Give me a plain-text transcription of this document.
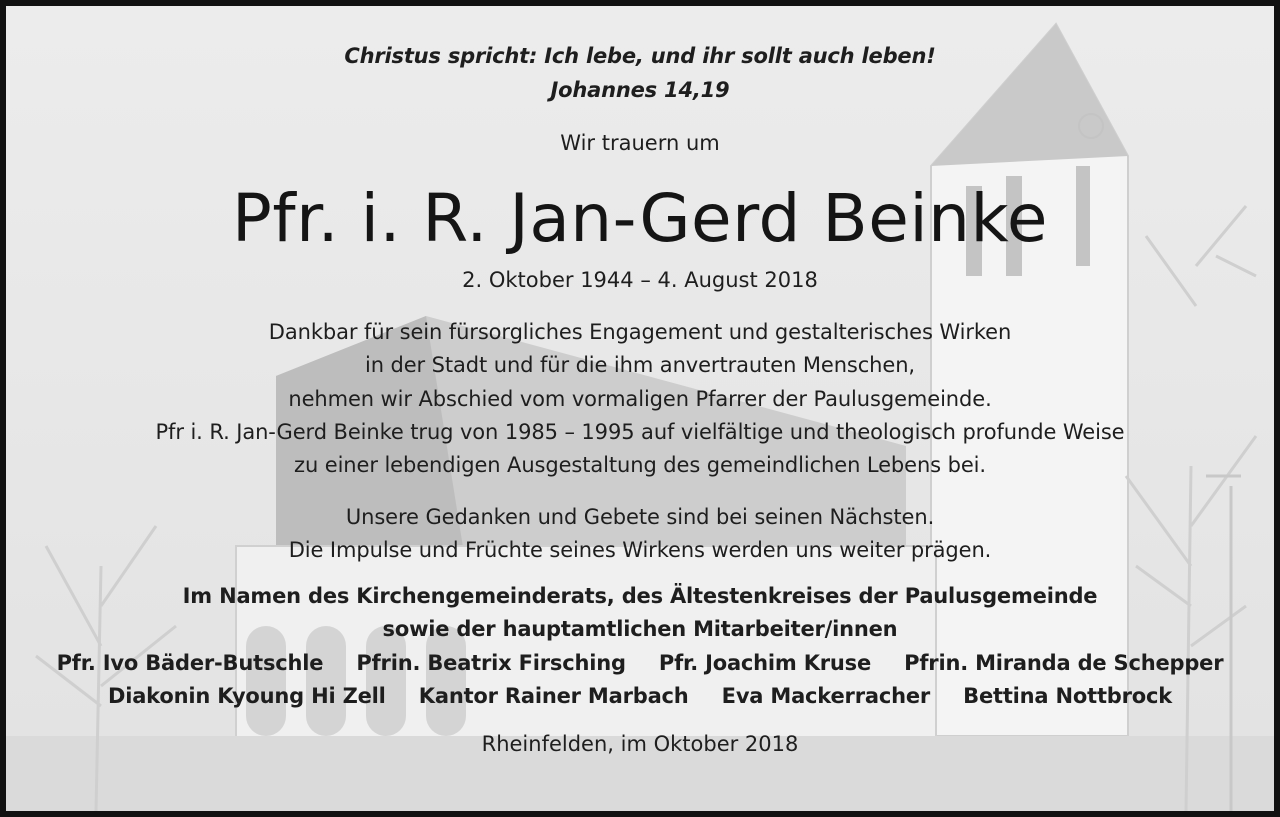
Christus spricht: Ich lebe, und ihr sollt auch leben!
Johannes 14,19
Wir trauern um
Pfr. i. R. Jan-Gerd Beinke
2. Oktober 1944 – 4. August 2018
Dankbar für sein fürsorgliches Engagement und gestalterisches Wirken
in der Stadt und für die ihm anvertrauten Menschen,
nehmen wir Abschied vom vormaligen Pfarrer der Paulusgemeinde.
Pfr i. R. Jan-Gerd Beinke trug von 1985 – 1995 auf vielfältige und theologisch profunde Weise
zu einer lebendigen Ausgestaltung des gemeindlichen Lebens bei.
Unsere Gedanken und Gebete sind bei seinen Nächsten.
Die Impulse und Früchte seines Wirkens werden uns weiter prägen.
Im Namen des Kirchengemeinderats, des Ältestenkreises der Paulusgemeinde
sowie der hauptamtlichen Mitarbeiter/innen
Pfr. Ivo Bäder-Butschle Pfrin. Beatrix Firsching Pfr. Joachim Kruse Pfrin. Miranda de Schepper
Diakonin Kyoung Hi Zell Kantor Rainer Marbach Eva Mackerracher Bettina Nottbrock
Rheinfelden, im Oktober 2018
